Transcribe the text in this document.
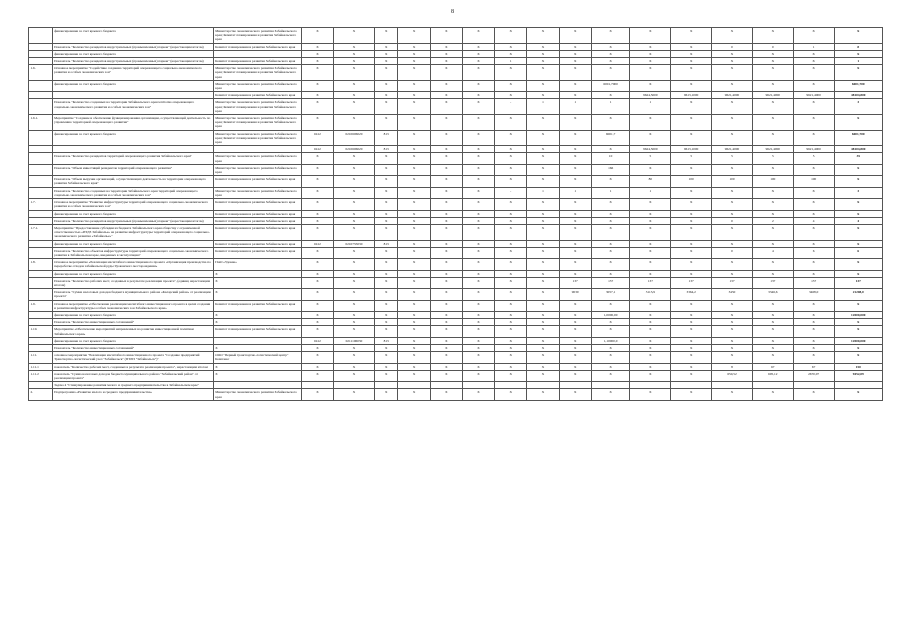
8
	финансирование за счет краевого бюджета	Министерство экономического развития Забайкальского края; Комитет планирования и развития Забайкальского края	Х	Х	Х	Х	Х	Х	Х	Х	Х	Х	Х	Х	Х	Х	Х	Х
	Показатель "Количество резидентов индустриальных (промышленных) парков" (нарастающим итогом)	Комитет планирования и развития Забайкальского края	Х	Х	Х	Х	Х	Х	Х	Х	Х	Х	Х	Х	0	0	1	8
	финансирование за счет краевого бюджета		Х	Х	Х	Х	Х	Х	Х	Х	Х	Х	Х	Х	Х	Х	Х	Х
	Показатель "Количество резидентов индустриальных (промышленных) парков" (нарастающим итогом)	Комитет планирования и развития Забайкальского края	Х	Х	Х	Х	Х	Х	1	Х	Х	Х	Х	Х	Х	Х	Х	1
1.6.	Основное мероприятие "Содействие созданию территорий опережающего социально-экономического развития и особых экономических зон"	Министерство экономического развития Забайкальского края; Комитет планирования и развития Забайкальского края	Х	Х	Х	Х	Х	Х	Х	Х	Х	Х	Х	Х	Х	Х	Х	Х
	финансирование за счет краевого бюджета	Министерство экономического развития Забайкальского края	Х	Х	Х	Х	Х	Х	Х	Х	Х	6001,7000	Х	Х	Х	Х	Х	6001,700
		Комитет планирования и развития Забайкальского края	Х	Х	Х	Х	Х	Х	Х	Х	Х	Х	9624,5000	9613,1000	9621,4000	9621,4000	9621,4000	48104,800
	Показатель "Количество созданных на территории Забайкальского края territories опережающего социально-экономического развития и особых экономических зон"	Министерство экономического развития Забайкальского края; Комитет планирования и развития Забайкальского края	Х	Х	Х	Х	Х	Х	-	1	1	1	1	Х	Х	Х	Х	3
1.6.1.	Мероприятие "Создание и обеспечение функционирования организации, осуществляющей деятельность по управлению территорией опережающего развития"	Министерство экономического развития Забайкальского края; Комитет планирования и развития Забайкальского края	Х	Х	Х	Х	Х	Х	Х	Х	Х	Х	Х	Х	Х	Х	Х	Х
	финансирование за счет краевого бюджета	Министерство экономического развития Забайкальского края; Комитет планирования и развития Забайкальского края	0412	0210606020	813	Х	Х	Х	Х	Х	Х	6001,7	Х	Х	Х	Х	Х	6001,700
			0412	0210606020	813	Х	Х	Х	Х	Х	Х	Х	9624,5000	9613,1000	9621,4000	9621,4000	9621,4000	48104,800
	Показатель "Количество резидентов территорий опережающего развития Забайкальского края"	Министерство экономического развития Забайкальского края	Х	Х	Х	Х	Х	Х	Х	Х	Х	10	5	5	5	5	5	35
	Показатель "Объем инвестиций резидентов территорий опережающего развития"	Министерство экономического развития Забайкальского края	Х	Х	Х	Х	Х	Х	Х	Х	Х	166	Х	Х	Х	Х	Х	Х
	Показатель "Объем выручки организаций, осуществляющих деятельность на территории опережающего развития Забайкальского края"	Комитет планирования и развития Забайкальского края	Х	Х	Х	Х	Х	Х	Х	Х	Х	Х	80	100	100	100	100	Х
	Показатель "Количество созданных на территории Забайкальского края территорий опережающего социально-экономического развития и особых экономических зон"	Министерство экономического развития Забайкальского края	Х	Х	Х	Х	Х	Х	-	1	1	1	1	Х	Х	Х	Х	3
1.7.	Основное мероприятие "Развитие инфраструктуры территорий опережающего социально-экономического развития и особых экономических зон"	Комитет планирования и развития Забайкальского края	Х	Х	Х	Х	Х	Х	Х	Х	Х	Х	Х	Х	Х	Х	Х	Х
	финансирование за счет краевого бюджета	Комитет планирования и развития Забайкальского края	Х	Х	Х	Х	Х	Х	Х	Х	Х	Х	Х	Х	Х	Х	Х	Х
	Показатель "Количество резидентов индустриальных (промышленных) парков" (нарастающим итогом)	Комитет планирования и развития Забайкальского края	Х	Х	Х	Х	Х	Х	Х	Х	Х	Х	Х	Х	0	2	4	4
1.7.1.	Мероприятие "Предоставление субсидии из бюджета Забайкальского края обществу с ограниченной ответственностью «ИТДЗ Забайкалье» на развитие инфраструктуры территорий опережающего социально-экономического развития «Забайкалье»"	Комитет планирования и развития Забайкальского края	Х	Х	Х	Х	Х	Х	Х	Х	Х	Х	Х	Х	Х	Х	Х	Х
	финансирование за счет краевого бюджета	Комитет планирования и развития Забайкальского края	0412	0210755030	813	Х	Х	Х	Х	Х	Х	Х	Х	Х	Х	Х	Х	Х
	Показатель "Количество объектов инфраструктуры территорий опережающего социально-экономического развития в Забайкальском крае, введенных в эксплуатацию"	Комитет планирования и развития Забайкальского края	Х	Х	Х	Х	Х	Х	Х	Х	Х	Х	Х	Х	0	4	6	6
1.8.	Основное мероприятие «Реализация масштабного инвестиционного проекта «Организация производства по переработке отходов забайкальской руды Удоканского месторождения»	ПАО «Удокан»	Х	Х	Х	Х	Х	Х	Х	Х	Х	Х	Х	Х	Х	Х	Х	Х
	финансирование за счет краевого бюджета	Х	Х	Х	Х	Х	Х	Х	Х	Х	Х	Х	Х	Х	Х	Х	Х	Х
	Показатель "Количество рабочих мест, созданных в результате реализации проекта", (единиц нарастающим итогом)	Х	Х	Х	Х	Х	Х	Х	Х	Х	137	137	137	137	137	137	137	137
	Показатель "Сумма налоговых доходов бюджета муниципального района «Каларский район» от реализации проекта"	Х	Х	Х	Х	Х	Х	Х	Х	Х	9030	3057,1	3113,9	3364,2	3450	3346,6	3468,0	21208,0
1.9.	Основное мероприятие «Обеспечение реализации масштабного инвестиционного проекта в целях создания и развития инфраструктуры особых экономических зон Забайкальского края»	Комитет планирования и развития Забайкальского края	Х	Х	Х	Х	Х	Х	Х	Х	Х	Х	Х	Х	Х	Х	Х	Х
	финансирование за счет краевого бюджета	Х	Х	Х	Х	Х	Х	Х	Х	Х	Х	1,0000,00	Х	Х	Х	Х	Х	12000,000
	Показатель "Количество инвестиционных соглашений"	Х	Х	Х	Х	Х	Х	Х	Х	Х	Х	Х	Х	Х	Х	Х	Х	Х
1.10.	Мероприятие «Обеспечение мероприятий направленных на развитие инвестиционной политики Забайкальского края»	Комитет планирования и развития Забайкальского края	Х	Х	Х	Х	Х	Х	Х	Х	Х	Х	Х	Х	Х	Х	Х	Х
	финансирование за счет краевого бюджета		0412	0211106030	813	Х	Х	Х	Х	Х	Х	1,10000,0	Х	Х	Х	Х	Х	12000,000
	Показатель "Количество инвестиционных соглашений"	Х	Х	Х	Х	Х	Х	Х	Х	Х	Х	Х	Х	Х	Х	Х	Х	Х
1.11.	основное мероприятие "Реализация масштабного инвестиционного проекта "Создание предприятий Транспортно-логистический узел "Забайкальск" (ПТЛП "Забайкальск")"	ООО "Первый транспортно-логистический центр" Комплекс	Х	Х	Х	Х	Х	Х	Х	Х	Х	Х	Х	Х	Х	Х	Х	Х
1.11.1	показатель "Количество рабочих мест, созданных в результате реализации проекта", нарастающим итогом	Х	Х	Х	Х	Х	Х	Х	Х	Х	Х	Х	Х	Х	8	67	67	150
1.11.2	показатель "Сумма налоговых доходов бюджета муниципального района "Забайкальский район" от реализации проекта"	Х	Х	Х	Х	Х	Х	Х	Х	Х	Х	Х	Х	Х	650,52	605,12	2670,07	9452,09
	Задача 4 "Стимулирование развития малого и среднего предпринимательства в Забайкальском крае"																	
2.	Подпрограмма «Развитие малого и среднего предпринимательства»	Министерство экономического развития Забайкальского края	Х	Х	Х	Х	Х	Х	Х	Х	Х	Х	Х	Х	Х	Х	Х	Х
